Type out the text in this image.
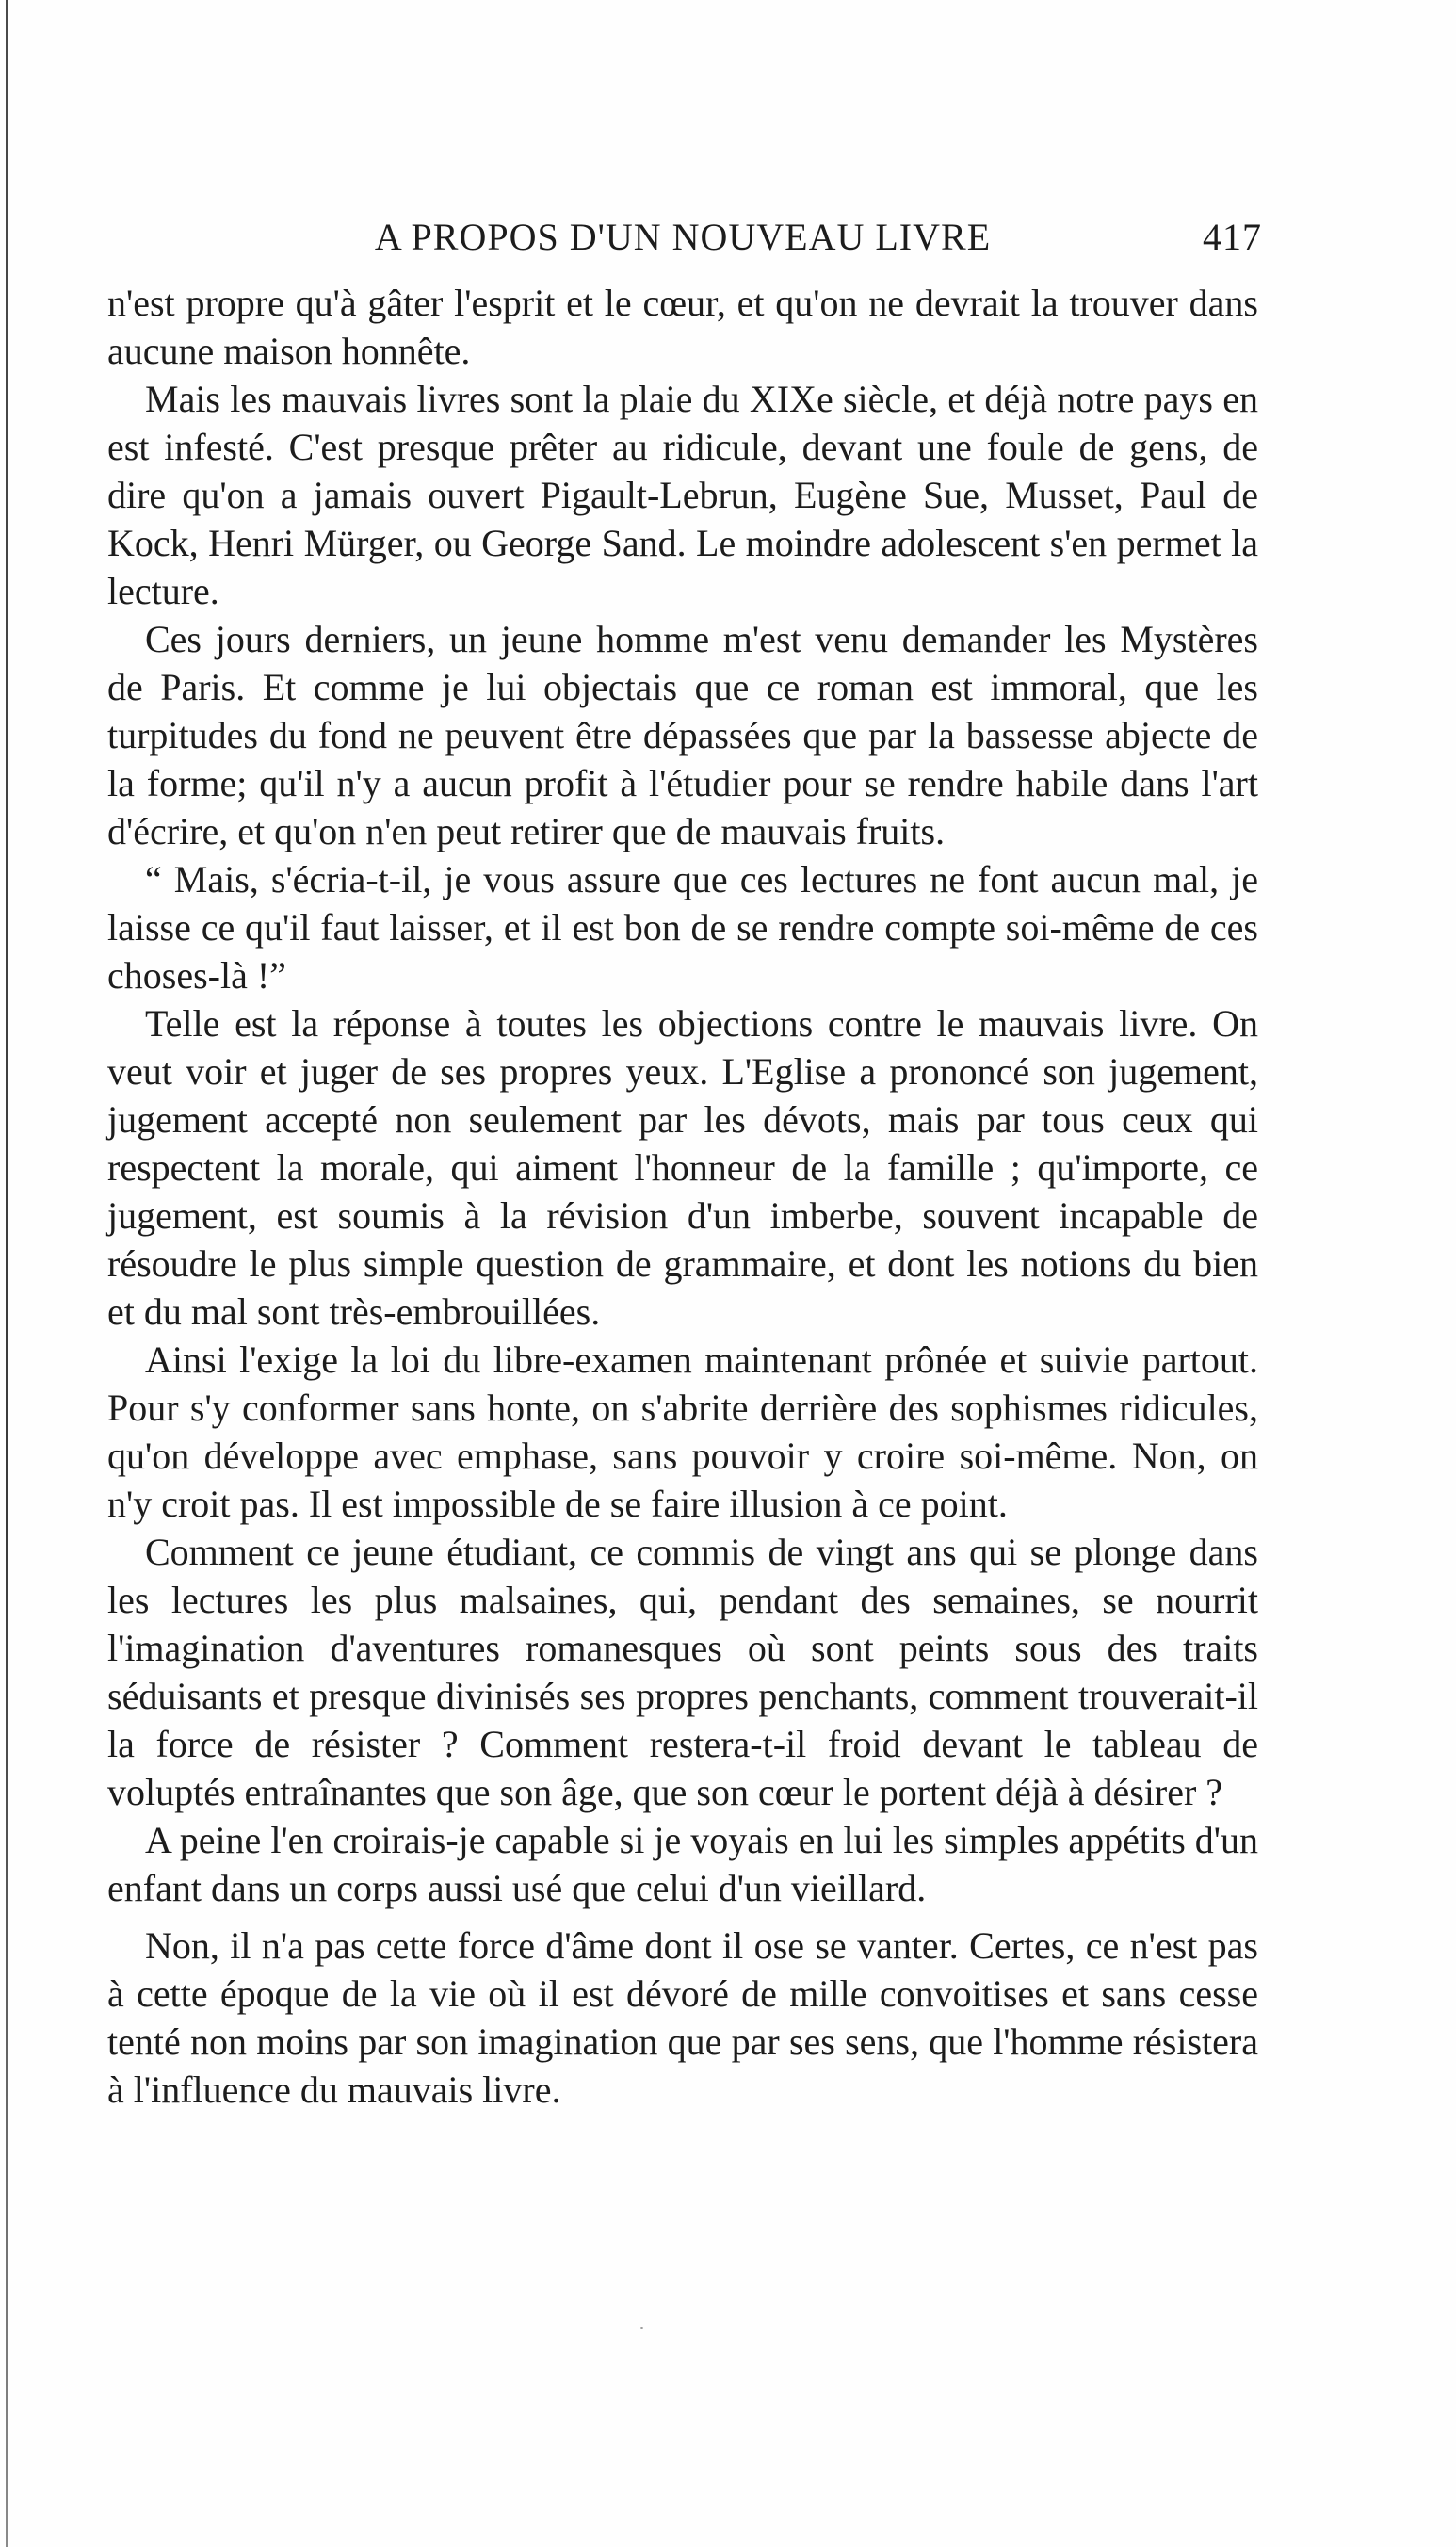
A PROPOS D'UN NOUVEAU LIVRE	417

n'est propre qu'à gâter l'esprit et le cœur, et qu'on ne devrait la trouver dans aucune maison honnête.

Mais les mauvais livres sont la plaie du XIXe siècle, et déjà notre pays en est infesté. C'est presque prêter au ridicule, devant une foule de gens, de dire qu'on a jamais ouvert Pigault-Lebrun, Eugène Sue, Musset, Paul de Kock, Henri Mürger, ou George Sand. Le moindre adolescent s'en permet la lecture.

Ces jours derniers, un jeune homme m'est venu demander les Mystères de Paris. Et comme je lui objectais que ce roman est immoral, que les turpitudes du fond ne peuvent être dépassées que par la bassesse abjecte de la forme; qu'il n'y a aucun profit à l'étudier pour se rendre habile dans l'art d'écrire, et qu'on n'en peut retirer que de mauvais fruits.

“ Mais, s'écria-t-il, je vous assure que ces lectures ne font aucun mal, je laisse ce qu'il faut laisser, et il est bon de se rendre compte soi-même de ces choses-là !”

Telle est la réponse à toutes les objections contre le mauvais livre. On veut voir et juger de ses propres yeux. L'Eglise a prononcé son jugement, jugement accepté non seulement par les dévots, mais par tous ceux qui respectent la morale, qui aiment l'honneur de la famille ; qu'importe, ce jugement, est soumis à la révision d'un imberbe, souvent incapable de résoudre le plus simple question de grammaire, et dont les notions du bien et du mal sont très-embrouillées.

Ainsi l'exige la loi du libre-examen maintenant prônée et suivie partout. Pour s'y conformer sans honte, on s'abrite derrière des sophismes ridicules, qu'on développe avec emphase, sans pouvoir y croire soi-même. Non, on n'y croit pas. Il est impossible de se faire illusion à ce point.

Comment ce jeune étudiant, ce commis de vingt ans qui se plonge dans les lectures les plus malsaines, qui, pendant des semaines, se nourrit l'imagination d'aventures romanesques où sont peints sous des traits séduisants et presque divinisés ses propres penchants, comment trouverait-il la force de résister ? Comment restera-t-il froid devant le tableau de voluptés entraînantes que son âge, que son cœur le portent déjà à désirer ?

A peine l'en croirais-je capable si je voyais en lui les simples appétits d'un enfant dans un corps aussi usé que celui d'un vieillard.

Non, il n'a pas cette force d'âme dont il ose se vanter. Certes, ce n'est pas à cette époque de la vie où il est dévoré de mille convoitises et sans cesse tenté non moins par son imagination que par ses sens, que l'homme résistera à l'influence du mauvais livre.
